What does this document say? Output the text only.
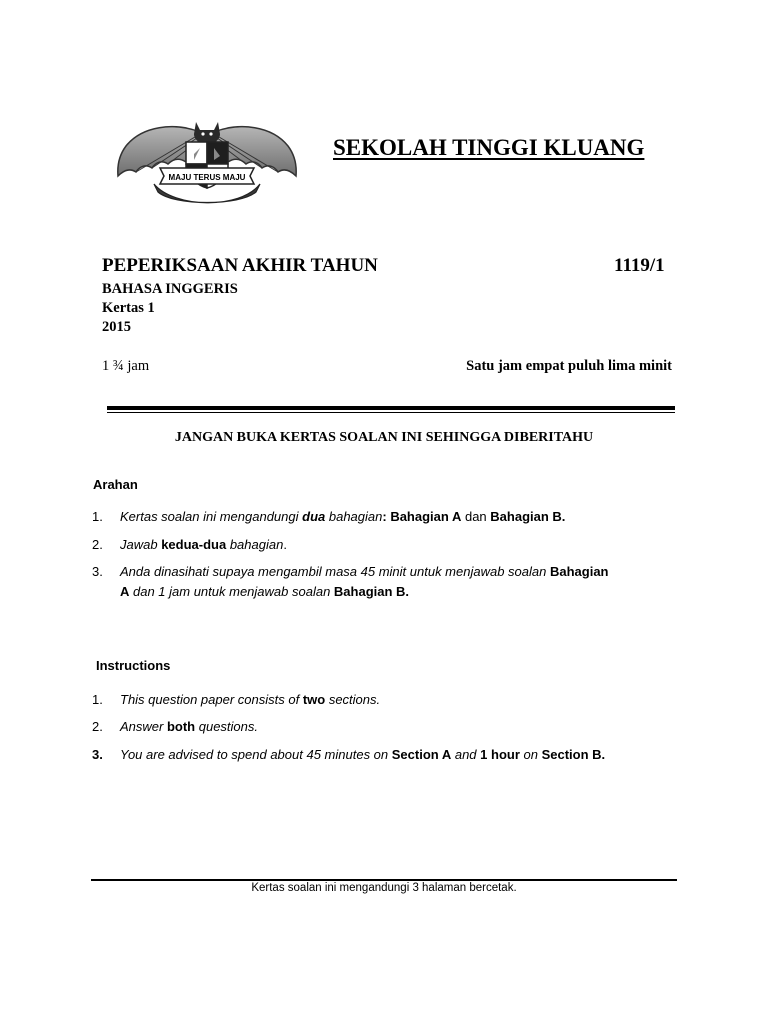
MAJU TERUS MAJU
SEK. TINGGI KLUANG
SEKOLAH TINGGI KLUANG
PEPERIKSAAN AKHIR TAHUN	1119/1
BAHASA INGGERIS
Kertas 1
2015
1 ¾ jam	Satu jam empat puluh lima minit
JANGAN BUKA KERTAS SOALAN INI SEHINGGA DIBERITAHU
Arahan
1. Kertas soalan ini mengandungi dua bahagian: Bahagian A dan Bahagian B.
2. Jawab kedua-dua bahagian.
3. Anda dinasihati supaya mengambil masa 45 minit untuk menjawab soalan Bahagian
A dan 1 jam untuk menjawab soalan Bahagian B.
Instructions
1. This question paper consists of two sections.
2. Answer both questions.
3. You are advised to spend about 45 minutes on Section A and 1 hour on Section B.
Kertas soalan ini mengandungi 3 halaman bercetak.
